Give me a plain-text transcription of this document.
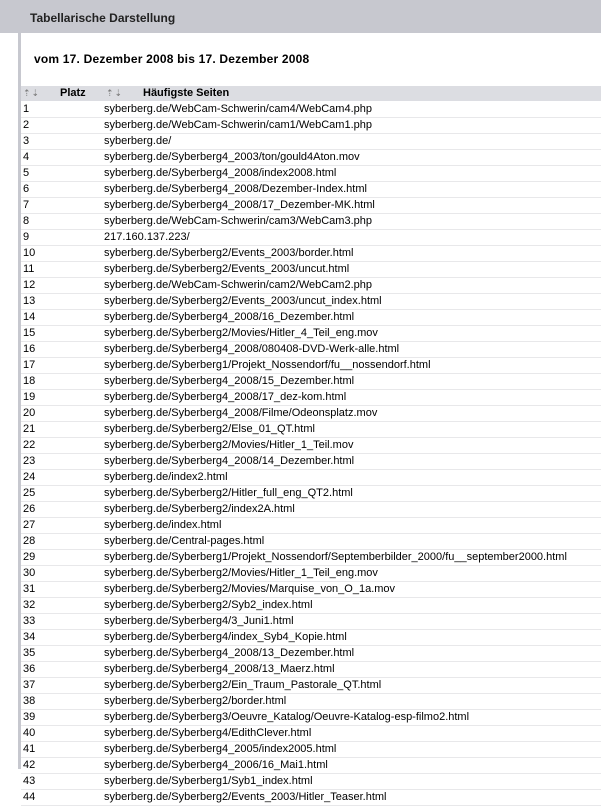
Tabellarische Darstellung
vom 17. Dezember 2008 bis 17. Dezember 2008
⇡ ⇣ Platz ⇡ ⇣ Häufigste Seiten
1	syberberg.de/WebCam-Schwerin/cam4/WebCam4.php
2	syberberg.de/WebCam-Schwerin/cam1/WebCam1.php
3	syberberg.de/
4	syberberg.de/Syberberg4_2003/ton/gould4Aton.mov
5	syberberg.de/Syberberg4_2008/index2008.html
6	syberberg.de/Syberberg4_2008/Dezember-Index.html
7	syberberg.de/Syberberg4_2008/17_Dezember-MK.html
8	syberberg.de/WebCam-Schwerin/cam3/WebCam3.php
9	217.160.137.223/
10	syberberg.de/Syberberg2/Events_2003/border.html
11	syberberg.de/Syberberg2/Events_2003/uncut.html
12	syberberg.de/WebCam-Schwerin/cam2/WebCam2.php
13	syberberg.de/Syberberg2/Events_2003/uncut_index.html
14	syberberg.de/Syberberg4_2008/16_Dezember.html
15	syberberg.de/Syberberg2/Movies/Hitler_4_Teil_eng.mov
16	syberberg.de/Syberberg4_2008/080408-DVD-Werk-alle.html
17	syberberg.de/Syberberg1/Projekt_Nossendorf/fu__nossendorf.html
18	syberberg.de/Syberberg4_2008/15_Dezember.html
19	syberberg.de/Syberberg4_2008/17_dez-kom.html
20	syberberg.de/Syberberg4_2008/Filme/Odeonsplatz.mov
21	syberberg.de/Syberberg2/Else_01_QT.html
22	syberberg.de/Syberberg2/Movies/Hitler_1_Teil.mov
23	syberberg.de/Syberberg4_2008/14_Dezember.html
24	syberberg.de/index2.html
25	syberberg.de/Syberberg2/Hitler_full_eng_QT2.html
26	syberberg.de/Syberberg2/index2A.html
27	syberberg.de/index.html
28	syberberg.de/Central-pages.html
29	syberberg.de/Syberberg1/Projekt_Nossendorf/Septemberbilder_2000/fu__september2000.html
30	syberberg.de/Syberberg2/Movies/Hitler_1_Teil_eng.mov
31	syberberg.de/Syberberg2/Movies/Marquise_von_O_1a.mov
32	syberberg.de/Syberberg2/Syb2_index.html
33	syberberg.de/Syberberg4/3_Juni1.html
34	syberberg.de/Syberberg4/index_Syb4_Kopie.html
35	syberberg.de/Syberberg4_2008/13_Dezember.html
36	syberberg.de/Syberberg4_2008/13_Maerz.html
37	syberberg.de/Syberberg2/Ein_Traum_Pastorale_QT.html
38	syberberg.de/Syberberg2/border.html
39	syberberg.de/Syberberg3/Oeuvre_Katalog/Oeuvre-Katalog-esp-filmo2.html
40	syberberg.de/Syberberg4/EdithClever.html
41	syberberg.de/Syberberg4_2005/index2005.html
42	syberberg.de/Syberberg4_2006/16_Mai1.html
43	syberberg.de/Syberberg1/Syb1_index.html
44	syberberg.de/Syberberg2/Events_2003/Hitler_Teaser.html
